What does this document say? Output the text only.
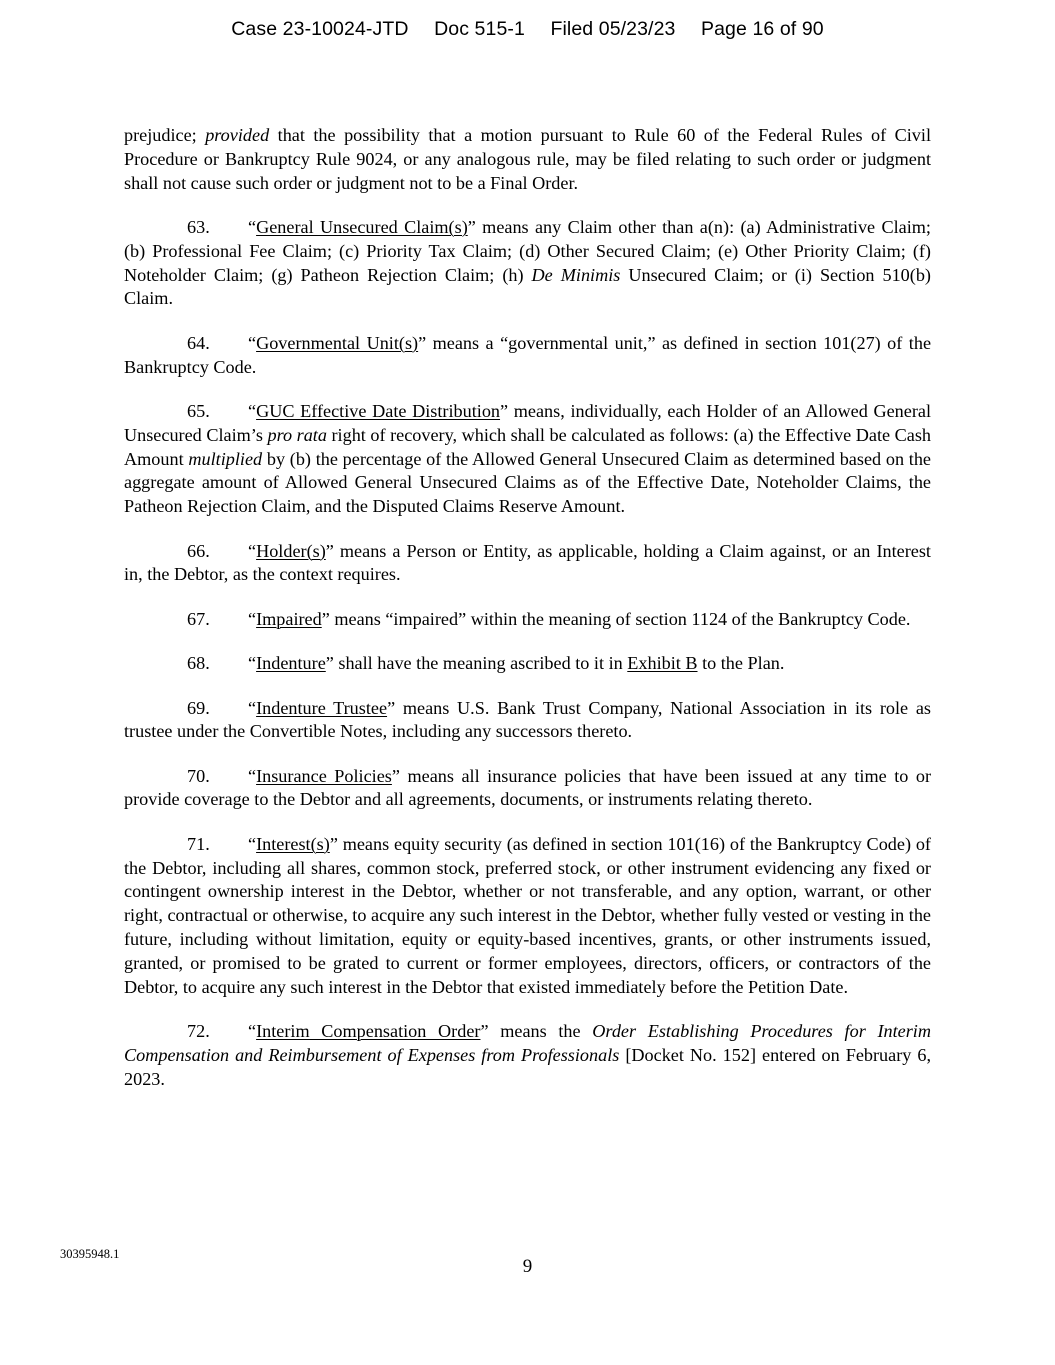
Case 23-10024-JTD Doc 515-1 Filed 05/23/23 Page 16 of 90

prejudice; provided that the possibility that a motion pursuant to Rule 60 of the Federal Rules of Civil Procedure or Bankruptcy Rule 9024, or any analogous rule, may be filed relating to such order or judgment shall not cause such order or judgment not to be a Final Order.

63. “General Unsecured Claim(s)” means any Claim other than a(n): (a) Administrative Claim; (b) Professional Fee Claim; (c) Priority Tax Claim; (d) Other Secured Claim; (e) Other Priority Claim; (f) Noteholder Claim; (g) Patheon Rejection Claim; (h) De Minimis Unsecured Claim; or (i) Section 510(b) Claim.

64. “Governmental Unit(s)” means a “governmental unit,” as defined in section 101(27) of the Bankruptcy Code.

65. “GUC Effective Date Distribution” means, individually, each Holder of an Allowed General Unsecured Claim’s pro rata right of recovery, which shall be calculated as follows: (a) the Effective Date Cash Amount multiplied by (b) the percentage of the Allowed General Unsecured Claim as determined based on the aggregate amount of Allowed General Unsecured Claims as of the Effective Date, Noteholder Claims, the Patheon Rejection Claim, and the Disputed Claims Reserve Amount.

66. “Holder(s)” means a Person or Entity, as applicable, holding a Claim against, or an Interest in, the Debtor, as the context requires.

67. “Impaired” means “impaired” within the meaning of section 1124 of the Bankruptcy Code.

68. “Indenture” shall have the meaning ascribed to it in Exhibit B to the Plan.

69. “Indenture Trustee” means U.S. Bank Trust Company, National Association in its role as trustee under the Convertible Notes, including any successors thereto.

70. “Insurance Policies” means all insurance policies that have been issued at any time to or provide coverage to the Debtor and all agreements, documents, or instruments relating thereto.

71. “Interest(s)” means equity security (as defined in section 101(16) of the Bankruptcy Code) of the Debtor, including all shares, common stock, preferred stock, or other instrument evidencing any fixed or contingent ownership interest in the Debtor, whether or not transferable, and any option, warrant, or other right, contractual or otherwise, to acquire any such interest in the Debtor, whether fully vested or vesting in the future, including without limitation, equity or equity-based incentives, grants, or other instruments issued, granted, or promised to be grated to current or former employees, directors, officers, or contractors of the Debtor, to acquire any such interest in the Debtor that existed immediately before the Petition Date.

72. “Interim Compensation Order” means the Order Establishing Procedures for Interim Compensation and Reimbursement of Expenses from Professionals [Docket No. 152] entered on February 6, 2023.

30395948.1
9
